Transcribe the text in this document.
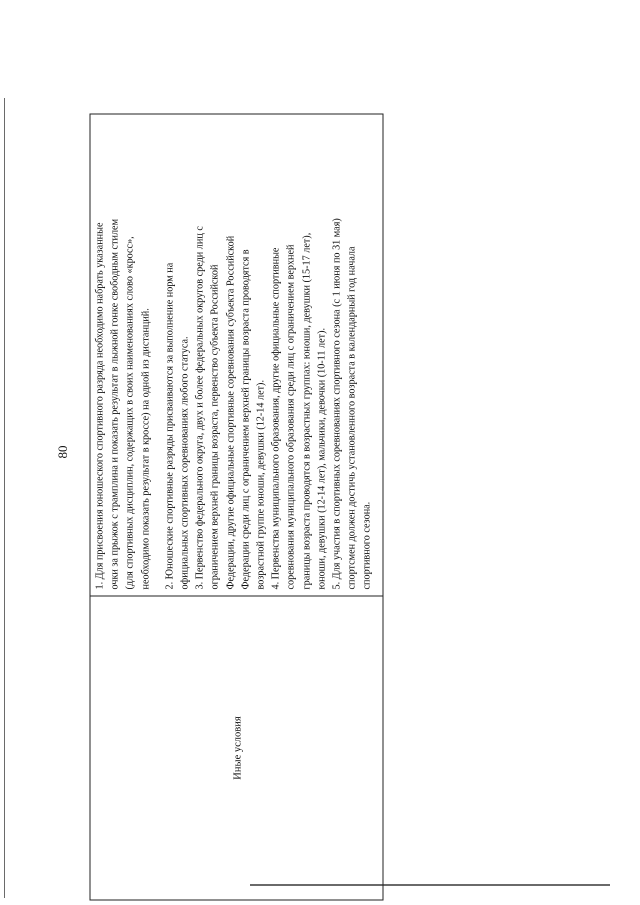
80
Иные условия

1. Для присвоения юношеского спортивного разряда необходимо набрать указанные очки за прыжок с трамплина и показать результат в лыжной гонке свободным стилем (для спортивных дисциплин, содержащих в своих наименованиях слово «кросс», необходимо показать результат в кроссе) на одной из дистанций. 2. Юношеские спортивные разряды присваиваются за выполнение норм на официальных спортивных соревнованиях любого статуса. 3. Первенство федерального округа, двух и более федеральных округов среди лиц с ограничением верхней границы возраста, первенство субъекта Российской Федерации, другие официальные спортивные соревнования субъекта Российской Федерации среди лиц с ограничением верхней границы возраста проводятся в возрастной группе юноши, девушки (12-14 лет). 4. Первенства муниципального образования, другие официальные спортивные соревнования муниципального образования среди лиц с ограничением верхней границы возраста проводятся в возрастных группах: юноши, девушки (15-17 лет), юноши, девушки (12-14 лет), мальчики, девочки (10-11 лет). 5. Для участия в спортивных соревнованиях спортивного сезона (с 1 июня по 31 мая) спортсмен должен достичь установленного возраста в календарный год начала спортивного сезона.
